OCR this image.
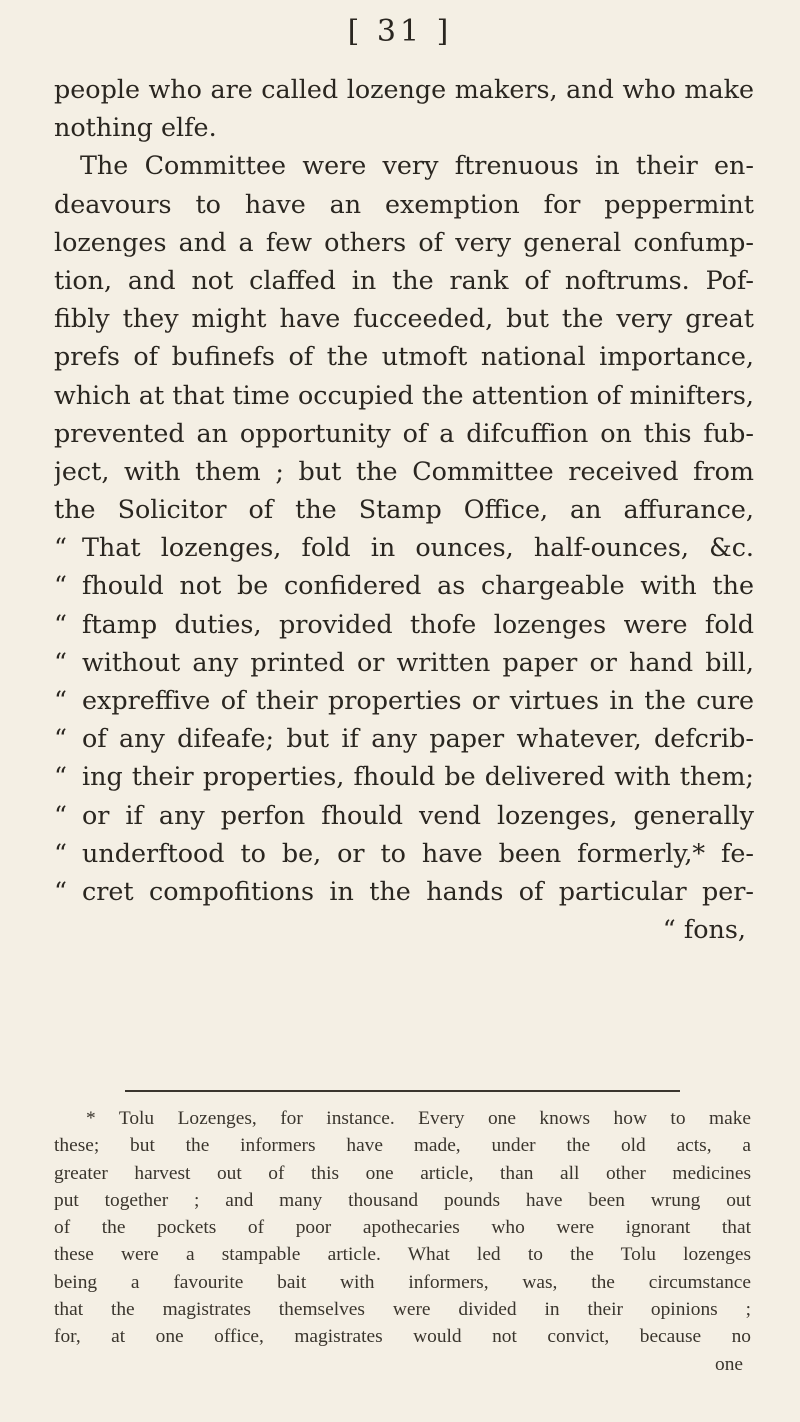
[ 31 ]
people who are called lozenge makers, and who make
nothing elfe.
The Committee were very ftrenuous in their en-
deavours to have an exemption for peppermint
lozenges and a few others of very general confump-
tion, and not claffed in the rank of noftrums. Pof-
fibly they might have fucceeded, but the very great
prefs of bufinefs of the utmoft national importance,
which at that time occupied the attention of minifters,
prevented an opportunity of a difcuffion on this fub-
ject, with them ; but the Committee received from
the Solicitor of the Stamp Office, an affurance,
“ That lozenges, fold in ounces, half-ounces, &c.
“ fhould not be confidered as chargeable with the
“ ftamp duties, provided thofe lozenges were fold
“ without any printed or written paper or hand bill,
“ expreffive of their properties or virtues in the cure
“ of any difeafe; but if any paper whatever, defcrib-
“ ing their properties, fhould be delivered with them;
“ or if any perfon fhould vend lozenges, generally
“ underftood to be, or to have been formerly,* fe-
“ cret compofitions in the hands of particular per-
“ fons,
* Tolu Lozenges, for instance. Every one knows how to make
these; but the informers have made, under the old acts, a
greater harvest out of this one article, than all other medicines
put together ; and many thousand pounds have been wrung out
of the pockets of poor apothecaries who were ignorant that
these were a stampable article. What led to the Tolu lozenges
being a favourite bait with informers, was, the circumstance
that the magistrates themselves were divided in their opinions ;
for, at one office, magistrates would not convict, because no
one
